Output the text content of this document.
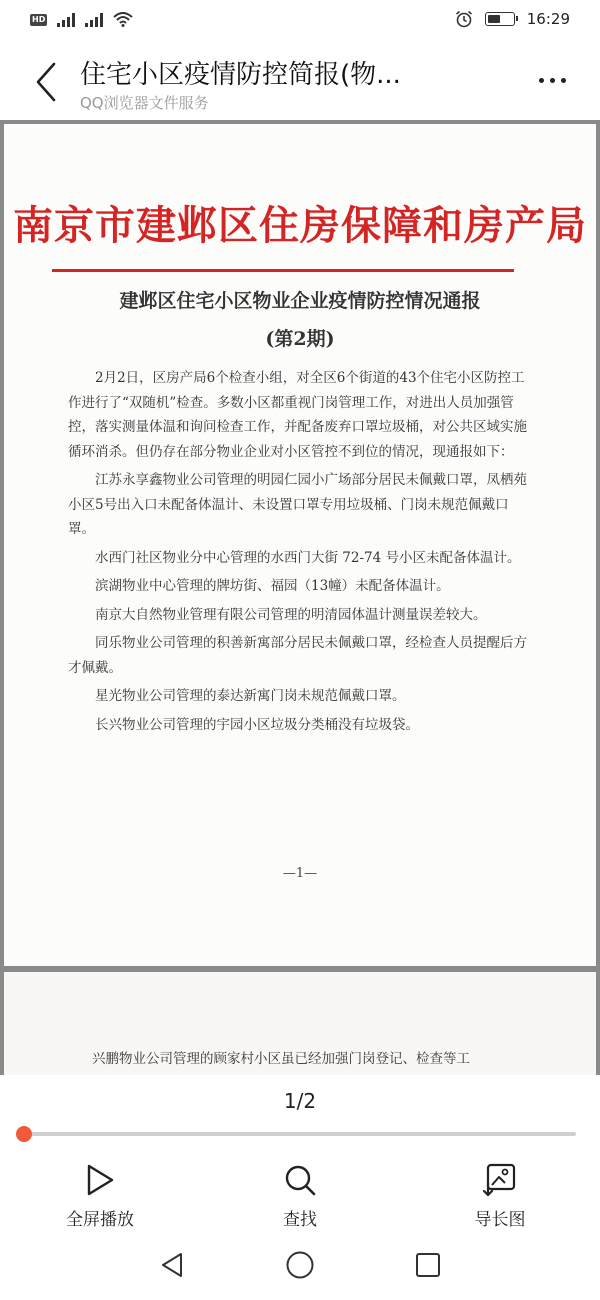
HD	16:29
住宅小区疫情防控简报(物...
QQ浏览器文件服务
南京市建邺区住房保障和房产局
建邺区住宅小区物业企业疫情防控情况通报
(第2期)

2月2日，区房产局6个检查小组，对全区6个街道的43个住宅小区防控工作进行了“双随机”检查。多数小区都重视门岗管理工作，对进出人员加强管控，落实测量体温和询问检查工作，并配备废弃口罩垃圾桶，对公共区域实施循环消杀。但仍存在部分物业企业对小区管控不到位的情况，现通报如下：

江苏永享鑫物业公司管理的明园仁园小广场部分居民未佩戴口罩，凤栖苑小区5号出入口未配备体温计、未设置口罩专用垃圾桶、门岗未规范佩戴口罩。

水西门社区物业分中心管理的水西门大街 72-74 号小区未配备体温计。

滨湖物业中心管理的牌坊街、福园（13幢）未配备体温计。

南京大自然物业管理有限公司管理的明清园体温计测量误差较大。

同乐物业公司管理的积善新寓部分居民未佩戴口罩，经检查人员提醒后方才佩戴。

星光物业公司管理的泰达新寓门岗未规范佩戴口罩。

长兴物业公司管理的宇园小区垃圾分类桶没有垃圾袋。

—1—
兴鹏物业公司管理的顾家村小区虽已经加强门岗登记、检查等工
1/2
全屏播放	查找	导长图
